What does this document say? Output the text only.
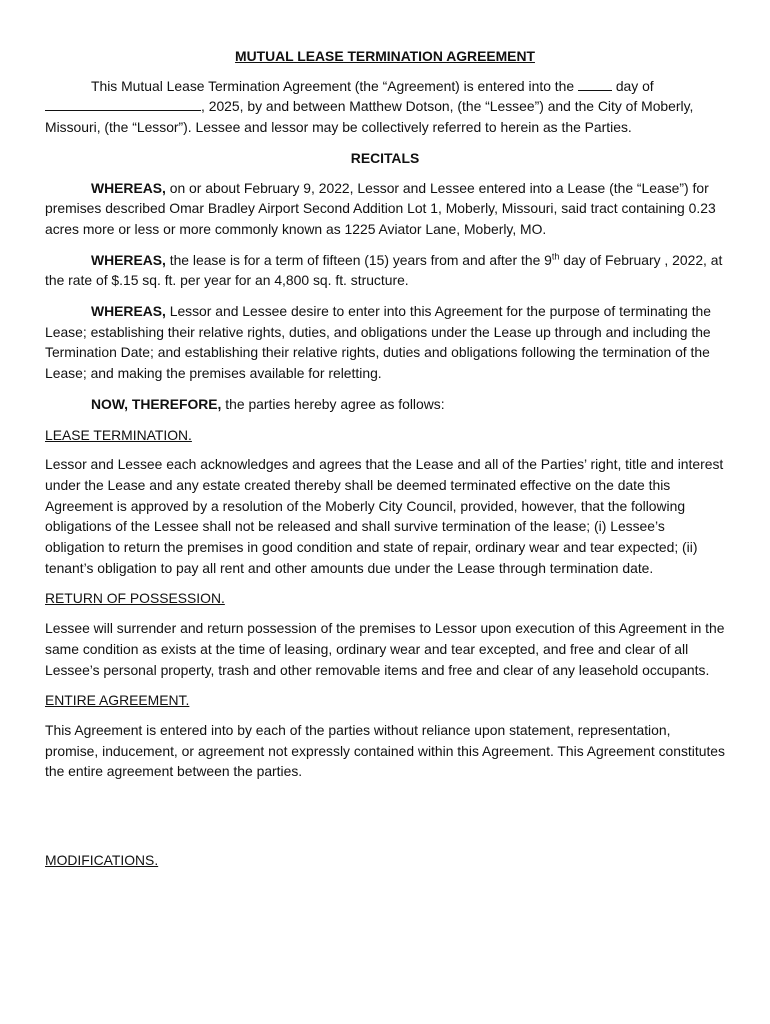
MUTUAL LEASE TERMINATION AGREEMENT

This Mutual Lease Termination Agreement (the “Agreement) is entered into the	day of , 2025, by and between Matthew Dotson, (the “Lessee”) and the City of Moberly, Missouri, (the “Lessor”). Lessee and lessor may be collectively referred to herein as the Parties.

RECITALS

WHEREAS, on or about February 9, 2022, Lessor and Lessee entered into a Lease (the “Lease”) for premises described Omar Bradley Airport Second Addition Lot 1, Moberly, Missouri, said tract containing 0.23 acres more or less or more commonly known as 1225 Aviator Lane, Moberly, MO.

WHEREAS, the lease is for a term of fifteen (15) years from and after the 9th day of February , 2022, at the rate of $.15 sq. ft. per year for an 4,800 sq. ft. structure.

WHEREAS, Lessor and Lessee desire to enter into this Agreement for the purpose of terminating the Lease; establishing their relative rights, duties, and obligations under the Lease up through and including the Termination Date; and establishing their relative rights, duties and obligations following the termination of the Lease; and making the premises available for reletting.

NOW, THEREFORE, the parties hereby agree as follows:

LEASE TERMINATION.

Lessor and Lessee each acknowledges and agrees that the Lease and all of the Parties’ right, title and interest under the Lease and any estate created thereby shall be deemed terminated effective on the date this Agreement is approved by a resolution of the Moberly City Council, provided, however, that the following obligations of the Lessee shall not be released and shall survive termination of the lease; (i) Lessee’s obligation to return the premises in good condition and state of repair, ordinary wear and tear expected; (ii) tenant’s obligation to pay all rent and other amounts due under the Lease through termination date.

RETURN OF POSSESSION.

Lessee will surrender and return possession of the premises to Lessor upon execution of this Agreement in the same condition as exists at the time of leasing, ordinary wear and tear excepted, and free and clear of all Lessee’s personal property, trash and other removable items and free and clear of any leasehold occupants.

ENTIRE AGREEMENT.

This Agreement is entered into by each of the parties without reliance upon statement, representation, promise, inducement, or agreement not expressly contained within this Agreement. This Agreement constitutes the entire agreement between the parties.

MODIFICATIONS.
